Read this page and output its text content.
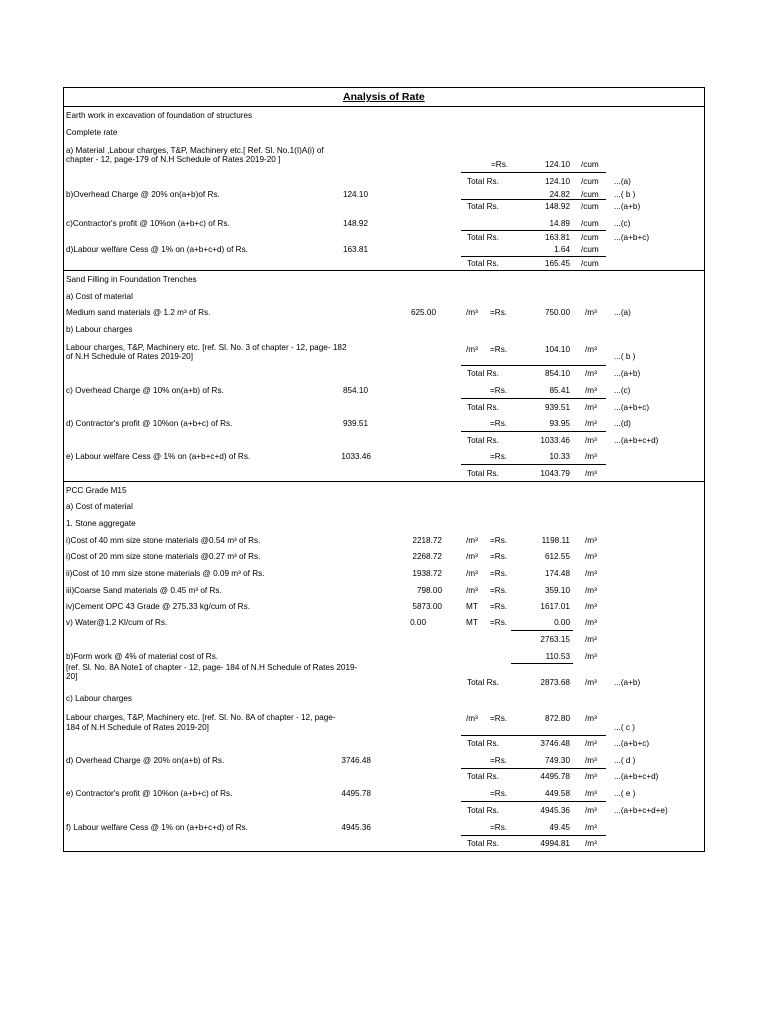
Analysis of Rate
Earth work in excavation of foundation of structures
Complete rate
a) Material ,Labour charges, T&P, Machinery etc.[ Ref. Sl. No.1(I)A(i) of
chapter - 12, page-179 of N.H Schedule of Rates 2019-20 ]
=Rs.	124.10 /cum
Total Rs.	124.10 /cum ...(a)
b)Overhead Charge @ 20% on(a+b)of Rs.	124.10	24.82 /cum ...( b )
Total Rs.	148.92 /cum ...(a+b)
c)Contractor's profit @ 10%on (a+b+c) of Rs.	148.92	14.89 /cum ...(c)
Total Rs.	163.81 /cum ...(a+b+c)
d)Labour welfare Cess @ 1% on (a+b+c+d) of Rs.	163.81	1.64 /cum
Total Rs.	165.45 /cum
Sand Filling in Foundation Trenches
a) Cost of material
Medium sand materials @ 1.2 m³ of Rs.	625.00	/m³ =Rs.	750.00 /m³ ...(a)
b) Labour charges
Labour charges, T&P, Machinery etc. [ref. Sl. No. 3 of chapter - 12, page- 182
of N.H Schedule of Rates 2019-20]
/m³ =Rs.	104.10 /m³
...( b )
Total Rs.	854.10 /m³ ...(a+b)
c) Overhead Charge @ 10% on(a+b) of Rs.	854.10	=Rs.	85.41 /m³ ...(c)
Total Rs.	939.51 /m³ ...(a+b+c)
d) Contractor's profit @ 10%on (a+b+c) of Rs.	939.51	=Rs.	93.95 /m³ ...(d)
Total Rs.	1033.46 /m³ ...(a+b+c+d)
e) Labour welfare Cess @ 1% on (a+b+c+d) of Rs.	1033.46	=Rs.	10.33 /m³
Total Rs.	1043.79 /m³
PCC Grade M15
a) Cost of material
1. Stone aggregate
i)Cost of 40 mm size stone materials @0.54 m³ of Rs.	2218.72	/m³ =Rs.	1198.11 /m³
i)Cost of 20 mm size stone materials @0.27 m³ of Rs.	2268.72	/m³ =Rs.	612.55 /m³
ii)Cost of 10 mm size stone materials @ 0.09 m³ of Rs.	1938.72	/m³ =Rs.	174.48 /m³
iii)Coarse Sand materials @ 0.45 m³ of Rs.	798.00	/m³ =Rs.	359.10 /m³
iv)Cement OPC 43 Grade @ 275.33 kg/cum of Rs.	5873.00	MT =Rs.	1617.01 /m³
v) Water@1.2 Kl/cum of Rs.	0.00	MT =Rs.	0.00 /m³
2763.15 /m³
b)Form work @ 4% of material cost of Rs.	110.53 /m³
[ref. Sl. No. 8A Note1 of chapter - 12, page- 184 of N.H Schedule of Rates 2019-
20]
Total Rs.	2873.68 /m³ ...(a+b)
c) Labour charges
Labour charges, T&P, Machinery etc. [ref. Sl. No. 8A of chapter - 12, page-
184 of N.H Schedule of Rates 2019-20]
/m³ =Rs.	872.80 /m³
...( c )
Total Rs.	3746.48 /m³ ...(a+b+c)
d) Overhead Charge @ 20% on(a+b) of Rs.	3746.48	=Rs.	749.30 /m³ ...( d )
Total Rs.	4495.78 /m³ ...(a+b+c+d)
e) Contractor's profit @ 10%on (a+b+c) of Rs.	4495.78	=Rs.	449.58 /m³ ...( e )
Total Rs.	4945.36 /m³ ...(a+b+c+d+e)
f) Labour welfare Cess @ 1% on (a+b+c+d) of Rs.	4945.36	=Rs.	49.45 /m³
Total Rs.	4994.81 /m³
